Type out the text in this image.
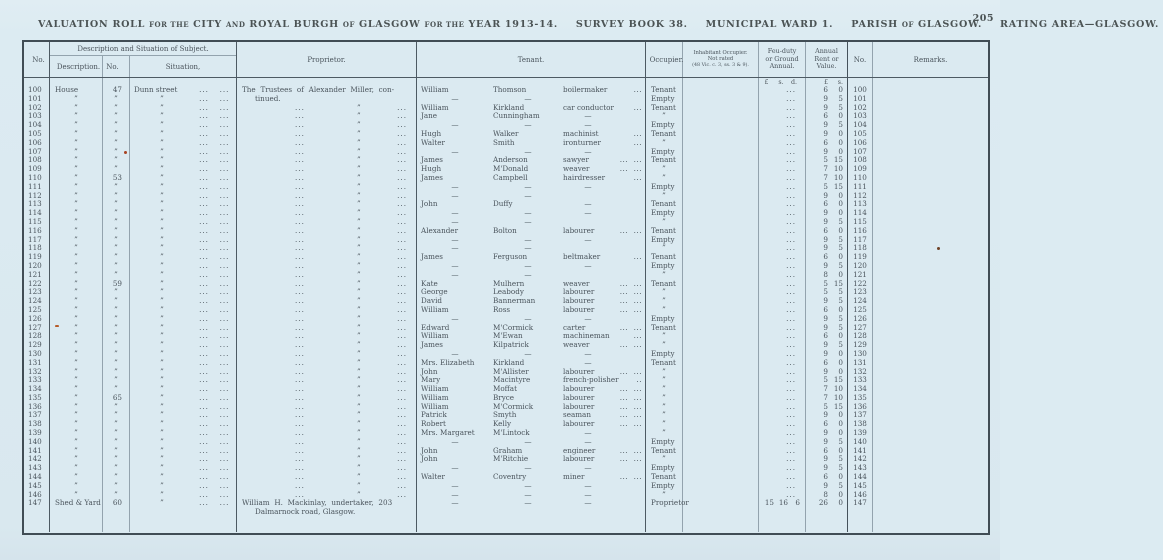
VALUATION ROLL FOR THE CITY AND ROYAL BURGH OF GLASGOW FOR THE YEAR 1913-14. SURVEY BOOK 38. MUNICIPAL WARD 1. PARISH OF GLASGOW. RATING AREA—GLASGOW.
205
No.
Description and Situation of Subject.
Description. No.	Situation,
Proprietor.	Tenant.	Occupier.
Inhabitant Occupier.
Not rated
(48 Vic. c. 3, ss. 3 & 9).
Feu-duty
or Ground
Annual.
Annual
Rent or
Value.
No.	Remarks.
£	s.	d.	£	s.
100	House	47	Dunn street	... ...	The Trustees of Alexander Miller, con-	William	Thomson	boilermaker	...	Tenant	...	6 0	100
101	”	”	”	... ...	tinued.	—	—	Empty	...	9 5	101
102	”	”	”	... ...	...	”	...	William	Kirkland	car conductor	...	Tenant	...	9 5	102
103	”	”	”	... ...	...	”	...	Jane	Cunningham	—	”	...	6 0	103
104	”	”	”	... ...	...	”	...	—	—	—	Empty	...	9 5	104
105	”	”	”	... ...	...	”	...	Hugh	Walker	machinist	...	Tenant	...	9 0	105
106	”	”	”	... ...	...	”	...	Walter	Smith	ironturner	...	”	...	6 0	106
107	”	”	”	... ...	...	”	...	—	—	—	Empty	...	9 0	107
108	”	”	”	... ...	...	”	...	James	Anderson	sawyer	...  ...	Tenant	...	5 15	108
109	”	”	”	... ...	...	”	...	Hugh	M'Donald	weaver	...  ...	”	...	7 10	109
110	”	53	”	... ...	...	”	...	James	Campbell	hairdresser	...	”	...	7 10	110
111	”	”	”	... ...	...	”	...	—	—	—	Empty	...	5 15	111
112	”	”	”	... ...	...	”	...	—	—	”	...	9 0	112
113	”	”	”	... ...	...	”	...	John	Duffy	—	Tenant	...	6 0	113
114	”	”	”	... ...	...	”	...	—	—	—	Empty	...	9 0	114
115	”	”	”	... ...	...	”	...	—	—	”	...	9 5	115
116	”	”	”	... ...	...	”	...	Alexander	Bolton	labourer	...  ...	Tenant	...	6 0	116
117	”	”	”	... ...	...	”	...	—	—	—	Empty	...	9 5	117
118	”	”	”	... ...	...	”	...	—	—	”	...	9 5	118
119	”	”	”	... ...	...	”	...	James	Ferguson	beltmaker	...	Tenant	...	6 0	119
120	”	”	”	... ...	...	”	...	—	—	—	Empty	...	9 5	120
121	”	”	”	... ...	...	”	...	—	—	”	...	8 0	121
122	”	59	”	... ...	...	”	...	Kate	Mulhern	weaver	...  ...	Tenant	...	5 15	122
123	”	”	”	... ...	...	”	...	George	Leabody	labourer	...  ...	”	...	5 5	123
124	”	”	”	... ...	...	”	...	David	Bannerman	labourer	...  ...	”	...	9 5	124
125	”	”	”	... ...	...	”	...	William	Ross	labourer	...  ...	”	...	6 0	125
126	”	”	”	... ...	...	”	...	—	—	—	Empty	...	9 5	126
127	”	”	”	... ...	...	”	...	Edward	M'Cormick	carter	...  ...	Tenant	...	9 5	127
128	”	”	”	... ...	...	”	...	William	M'Ewan	machineman	...	”	...	6 0	128
129	”	”	”	... ...	...	”	...	James	Kilpatrick	weaver	...  ...	”	...	9 5	129
130	”	”	”	... ...	...	”	...	—	—	—	Empty	...	9 0	130
131	”	”	”	... ...	...	”	...	Mrs. Elizabeth	Kirkland	—	Tenant	...	6 0	131
132	”	”	”	... ...	...	”	...	John	M'Allister	labourer	...  ...	”	...	9 0	132
133	”	”	”	... ...	...	”	...	Mary	Macintyre	french-polisher ..	”	...	5 15	133
134	”	”	”	... ...	...	”	...	William	Moffat	labourer	...  ...	”	...	7 10	134
135	”	65	”	... ...	...	”	...	William	Bryce	labourer	...  ...	”	...	7 10	135
136	”	”	”	... ...	...	”	...	William	M'Cormick	labourer	...  ...	”	...	5 15	136
137	”	”	”	... ...	...	”	...	Patrick	Smyth	seaman	...  ...	”	...	9 0	137
138	”	”	”	... ...	...	”	...	Robert	Kelly	labourer	...  ...	”	...	6 0	138
139	”	”	”	... ...	...	”	...	Mrs. Margaret	M'Lintock	—	”	...	9 0	139
140	”	”	”	... ...	...	”	...	—	—	—	Empty	...	9 5	140
141	”	”	”	... ...	...	”	...	John	Graham	engineer	...  ...	Tenant	...	6 0	141
142	”	”	”	... ...	...	”	...	John	M'Ritchie	labourer	...  ...	”	...	9 5	142
143	”	”	”	... ...	...	”	...	—	—	—	Empty	...	9 5	143
144	”	”	”	... ...	...	”	...	Walter	Coventry	miner	...  ...	Tenant	...	6 0	144
145	”	”	”	... ...	...	”	...	—	—	—	Empty	...	9 5	145
146	”	”	”	... ...	...	”	...	—	—	—	”	...	8 0	146
147	Shed & Yard	60	”	... ...	William H. Mackinlay, undertaker, 203
Dalmarnock road, Glasgow.
—	—	—	Proprietor	15 16 6	26 0	147
